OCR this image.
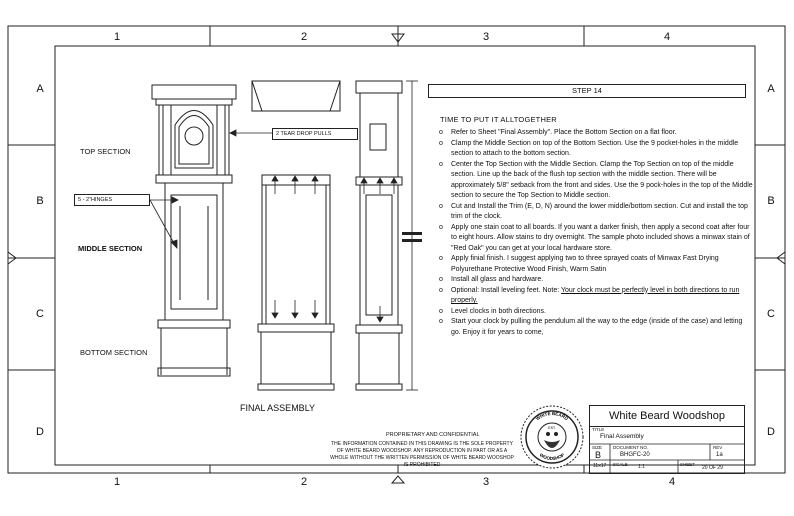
1	2	3	4
1	2	3	4
A
B
C
D
A
B
C
D
TOP SECTION
MIDDLE SECTION
BOTTOM SECTION
5 - 2"HINGES
2 TEAR DROP PULLS
FINAL ASSEMBLY
STEP 14
TIME TO PUT IT ALLTOGETHER
o Refer to Sheet "Final Assembly". Place the Bottom Section on a flat floor.
o Clamp the Middle Section on top of the Bottom Section. Use the 9 pocket-holes in the middle section to attach to the bottom section.
o Center the Top Section with the Middle Section. Clamp the Top Section on top of the middle section. Line up the back of the flush top section with the middle section. There will be approximately 5/8" setback from the front and sides. Use the 9 pock-holes in the top of the Middle section to secure the Top Section to Middle section.
o Cut and Install the Trim (E, D, N) around the lower middle/bottom section. Cut and install the top trim of the clock.
o Apply one stain coat to all boards. If you want a darker finish, then apply a second coat after four to eight hours. Allow stains to dry overnight. The sample photo included shows a minwax stain of "Red Oak" you can get at your local hardware store.
o Apply finial finish. I suggest applying two to three sprayed coats of Minwax Fast Drying Polyurethane Protective Wood Finish, Warm Satin
o Install all glass and hardware.
o Optional: Install leveling feet. Note: Your clock must be perfectly level in both directions to run properly.
o Level clocks in both directions.
o Start your clock by pulling the pendulum all the way to the edge (inside of the case) and letting go. Enjoy it for years to come,
PROPRIETARY AND CONFIDENTIAL
THE INFORMATION CONTAINED IN THIS DRAWING IS THE SOLE PROPERTY OF WHITE BEARD WOODSHOP. ANY REPRODUCTION IN PART OR AS A WHOLE WITHOUT THE WRITTEN PERMISSION OF WHITE BEARD WOOSHOP IS PROHIBITED
WHITE BEARD
WOODSHOP
EST.
White Beard Woodshop
TITLE
Final Assembly
SIZE
B
DOCUMENT NO.
BHGFC-20
REV
1a
11x17 SCALE 1:1	SHEET
20 OF 29
